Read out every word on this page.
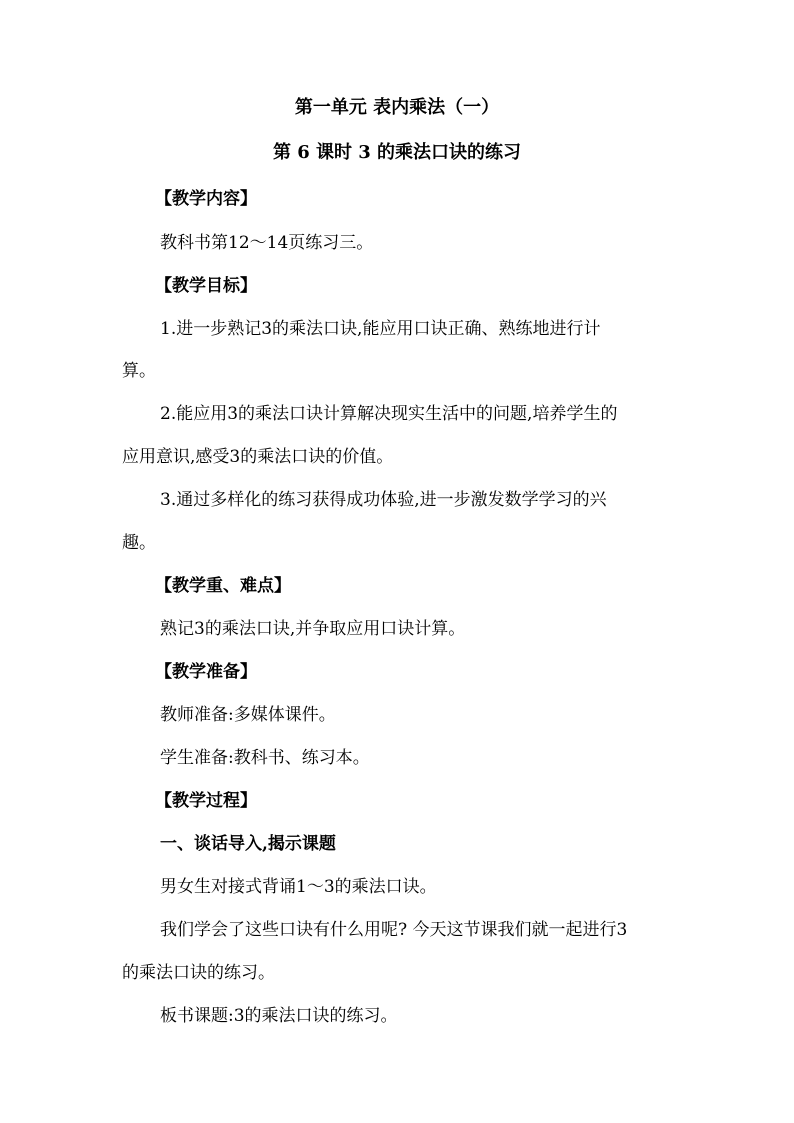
第一单元 表内乘法（一）
第 6 课时 3 的乘法口诀的练习
【教学内容】
教科书第12～14页练习三。
【教学目标】
1.进一步熟记3的乘法口诀,能应用口诀正确、熟练地进行计
算。
2.能应用3的乘法口诀计算解决现实生活中的问题,培养学生的
应用意识,感受3的乘法口诀的价值。
3.通过多样化的练习获得成功体验,进一步激发数学学习的兴
趣。
【教学重、难点】
熟记3的乘法口诀,并争取应用口诀计算。
【教学准备】
教师准备:多媒体课件。
学生准备:教科书、练习本。
【教学过程】
一、谈话导入,揭示课题
男女生对接式背诵1～3的乘法口诀。
我们学会了这些口诀有什么用呢? 今天这节课我们就一起进行3
的乘法口诀的练习。
板书课题:3的乘法口诀的练习。
